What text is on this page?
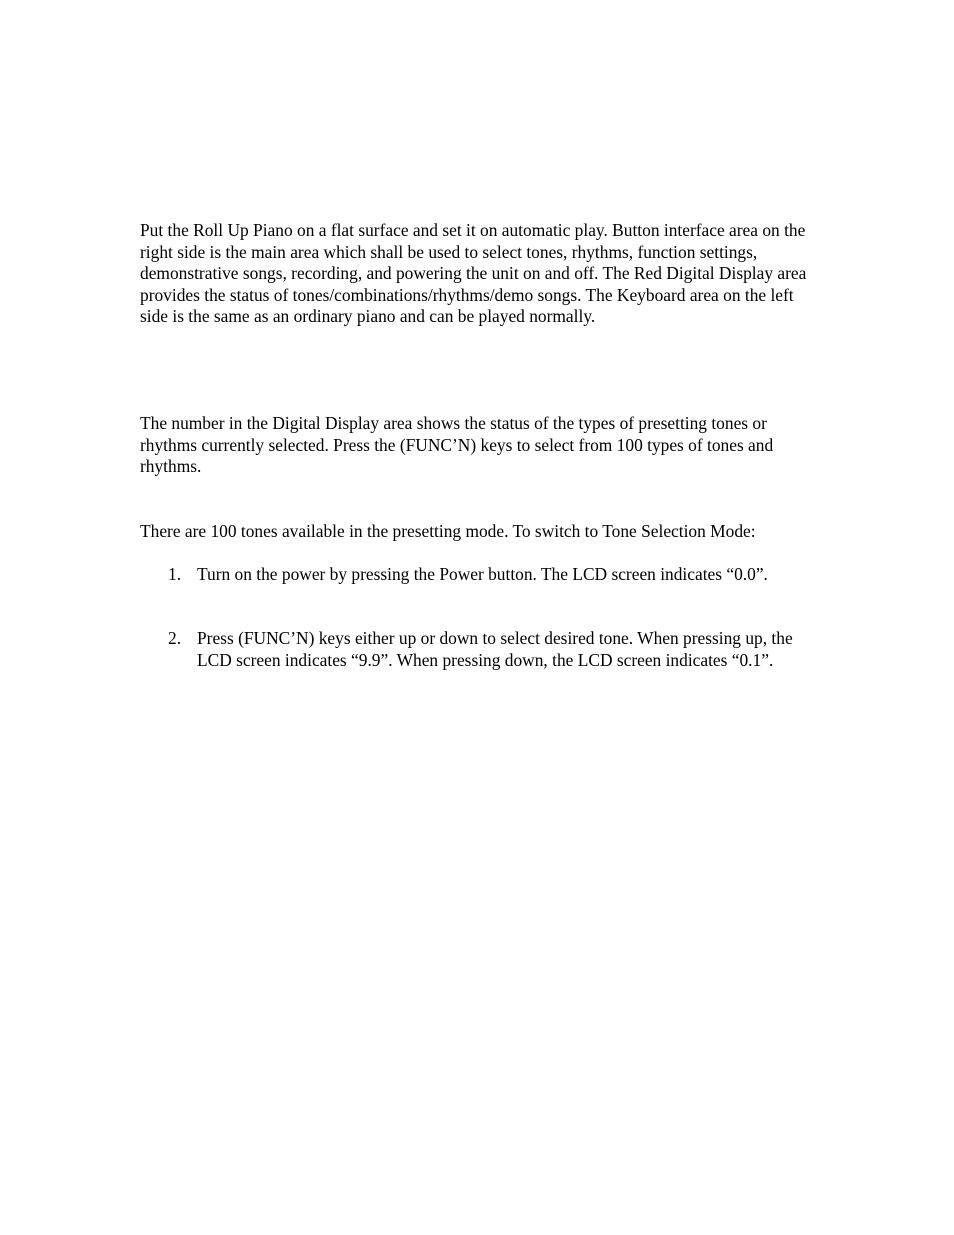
Put the Roll Up Piano on a flat surface and set it on automatic play. Button interface area on the right side is the main area which shall be used to select tones, rhythms, function settings, demonstrative songs, recording, and powering the unit on and off. The Red Digital Display area provides the status of tones/combinations/rhythms/demo songs. The Keyboard area on the left side is the same as an ordinary piano and can be played normally.

The number in the Digital Display area shows the status of the types of presetting tones or rhythms currently selected. Press the (FUNC’N) keys to select from 100 types of tones and rhythms.

There are 100 tones available in the presetting mode. To switch to Tone Selection Mode:

1. Turn on the power by pressing the Power button. The LCD screen indicates “0.0”.

2. Press (FUNC’N) keys either up or down to select desired tone. When pressing up, the LCD screen indicates “9.9”. When pressing down, the LCD screen indicates “0.1”.
